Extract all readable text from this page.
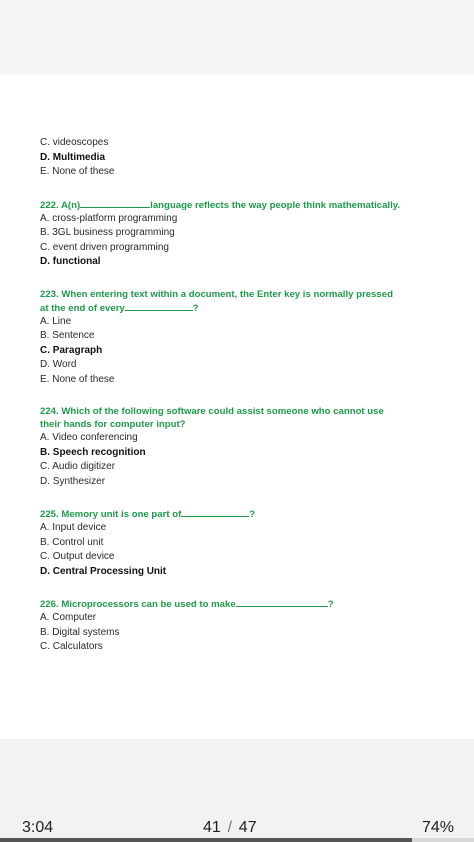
C. videoscopes
D. Multimedia
E. None of these
222. A(n)	language reflects the way people think mathematically.
A. cross-platform programming
B. 3GL business programming
C. event driven programming
D. functional
223. When entering text within a document, the Enter key is normally pressed
at the end of every	?
A. Line
B. Sentence
C. Paragraph
D. Word
E. None of these
224. Which of the following software could assist someone who cannot use
their hands for computer input?
A. Video conferencing
B. Speech recognition
C. Audio digitizer
D. Synthesizer
225. Memory unit is one part of	?
A. Input device
B. Control unit
C. Output device
D. Central Processing Unit
226. Microprocessors can be used to make	?
A. Computer
B. Digital systems
C. Calculators
3:04	41 / 47	74%
